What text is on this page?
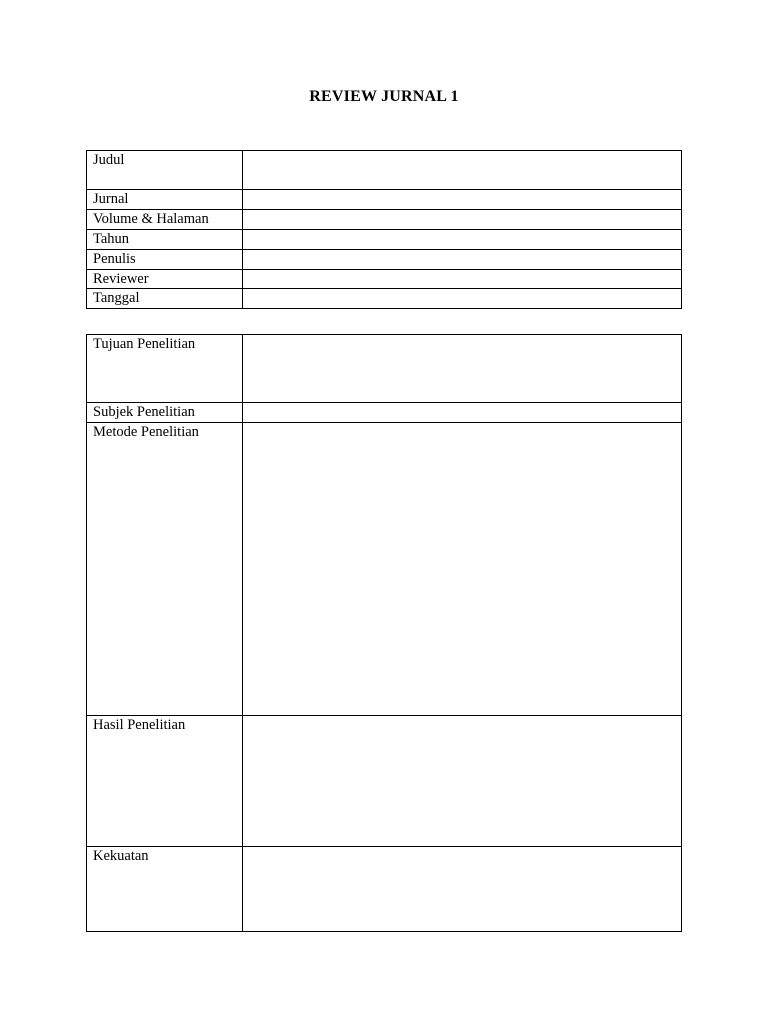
REVIEW JURNAL 1
Judul	
Jurnal	
Volume & Halaman	
Tahun	
Penulis	
Reviewer	
Tanggal	
Tujuan Penelitian	
Subjek Penelitian	
Metode Penelitian	
Hasil Penelitian	
Kekuatan	
